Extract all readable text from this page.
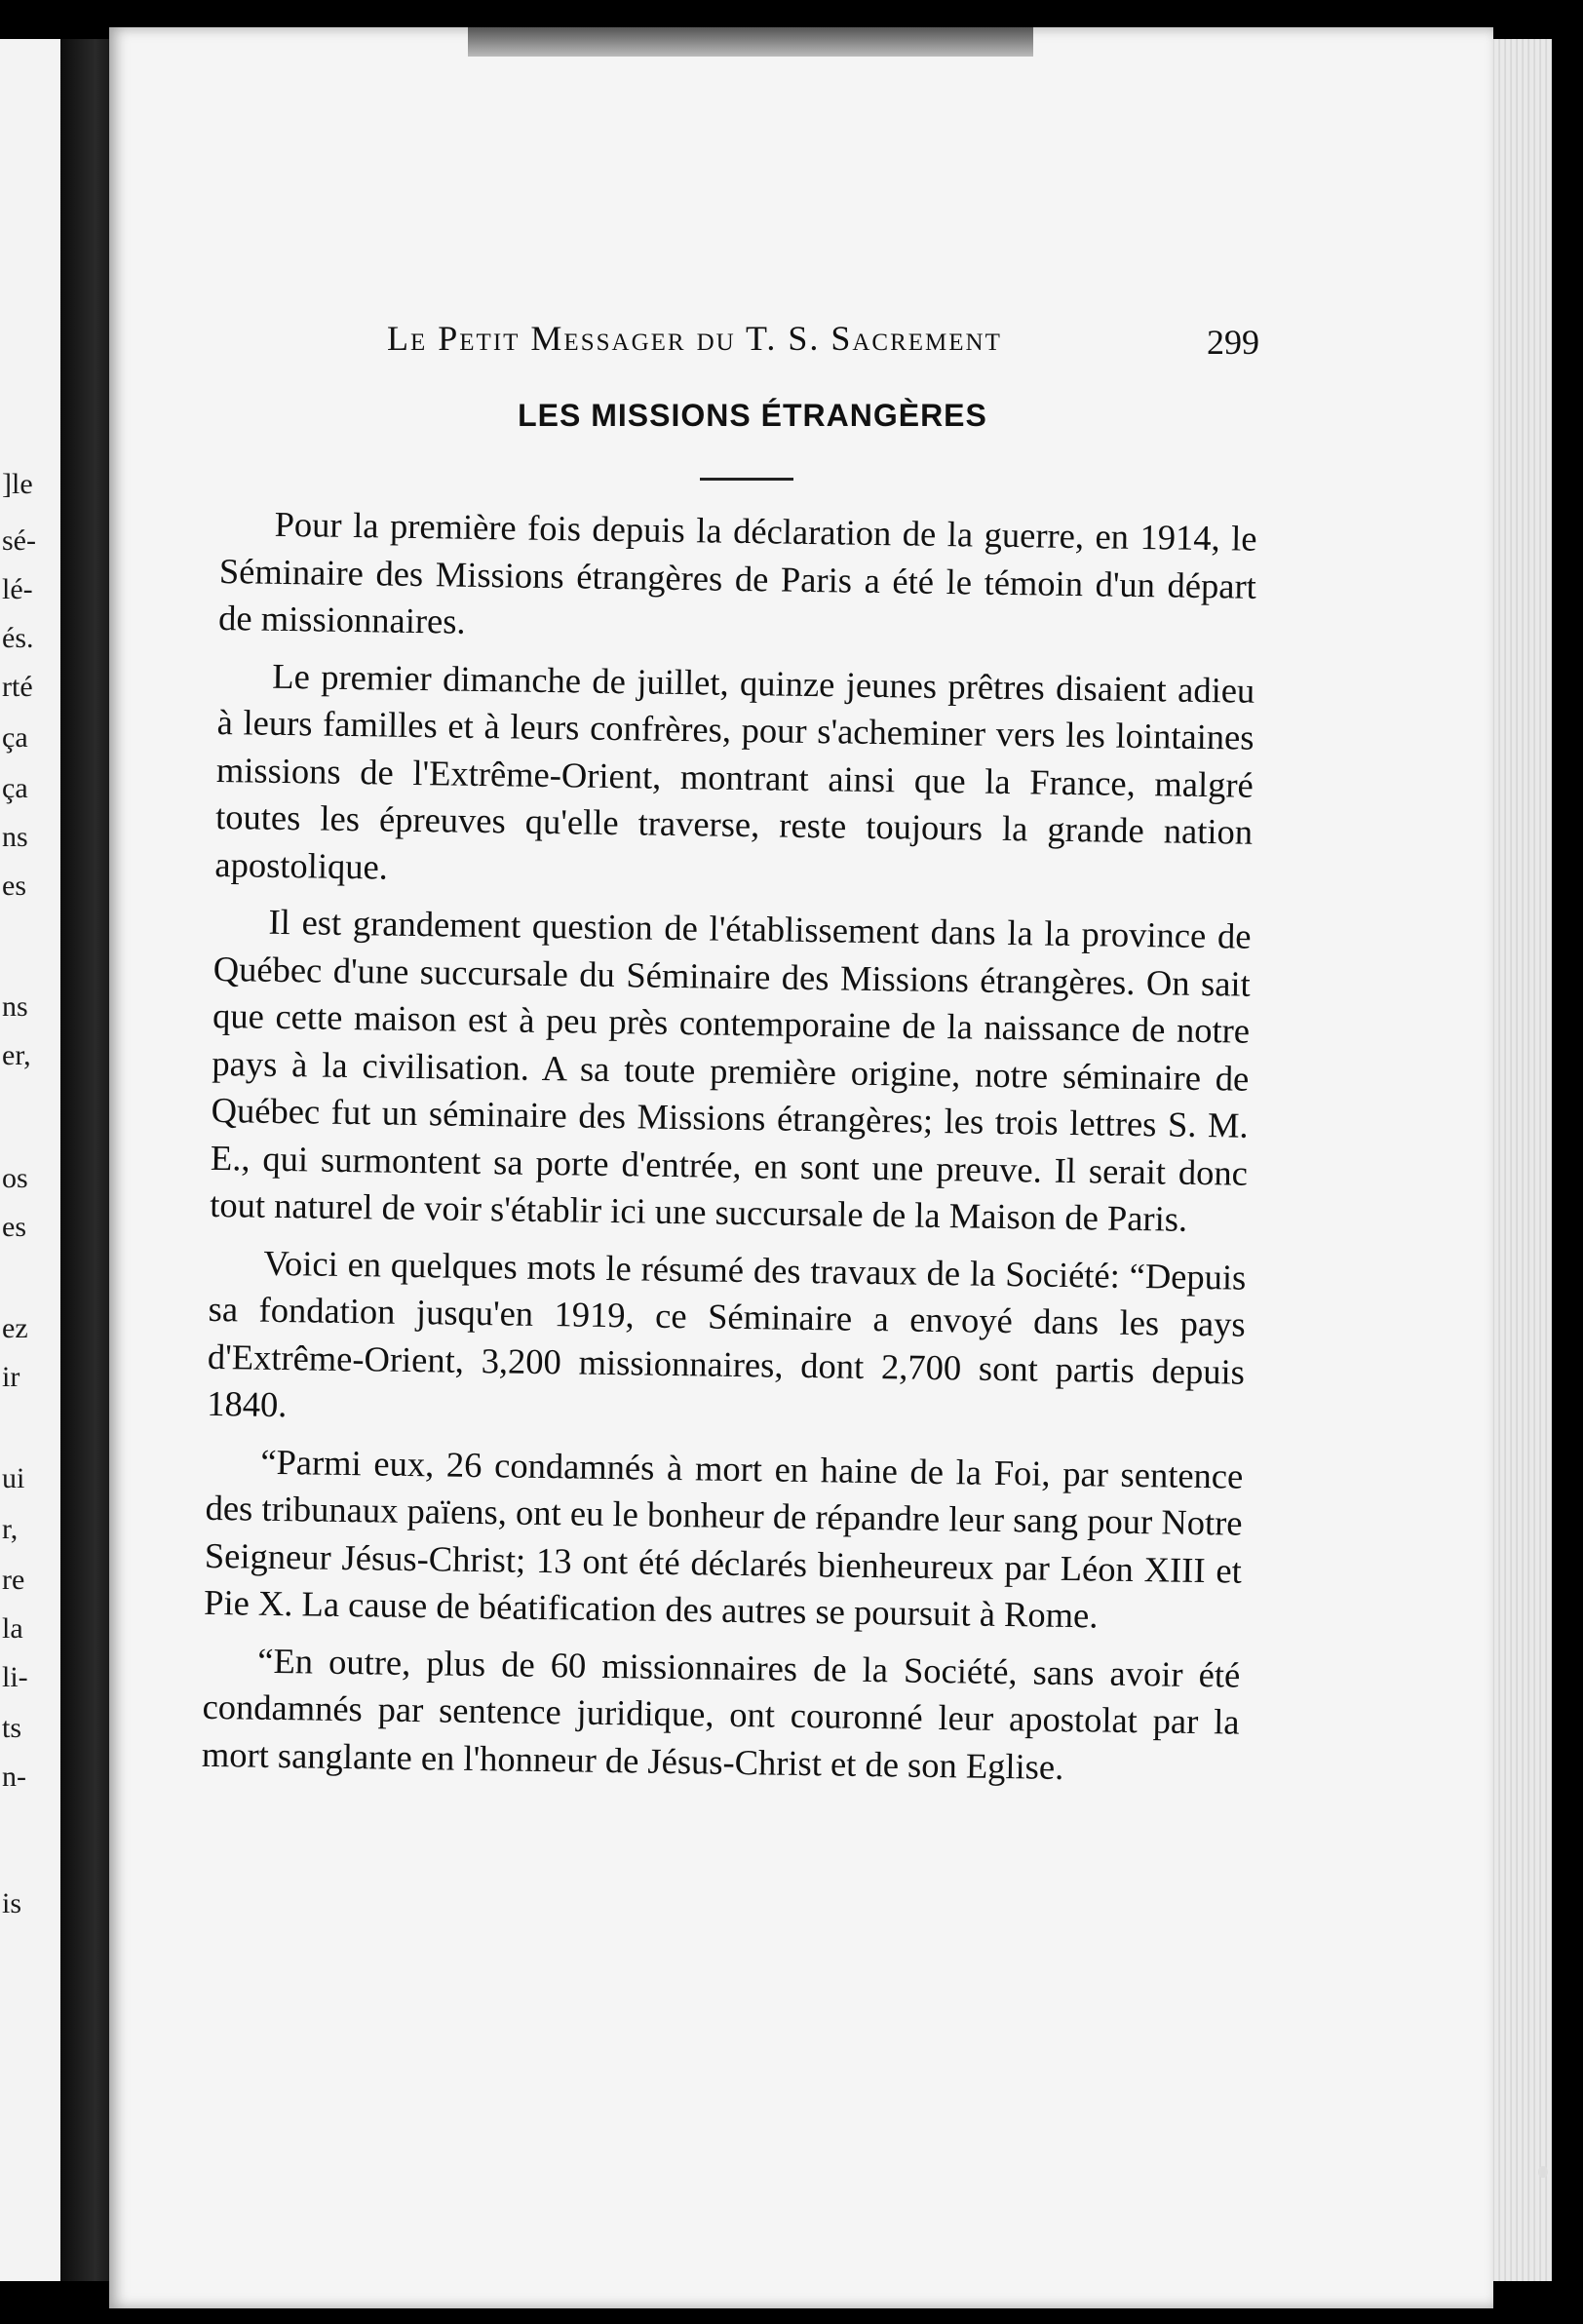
]le
sé-
lé-
és.
rté
ça
ça
ns
es
ns
er,
os
es
ez
ir
ui
r,
re
la
li-
ts
n-
is
Le Petit Messager du T. S. Sacrement	299
LES MISSIONS ÉTRANGÈRES

Pour la première fois depuis la déclaration de la guerre, en 1914, le Séminaire des Missions étrangères de Paris a été le témoin d'un départ de missionnaires.

Le premier dimanche de juillet, quinze jeunes prêtres disaient adieu à leurs familles et à leurs confrères, pour s'acheminer vers les lointaines missions de l'Extrême-Orient, montrant ainsi que la France, malgré toutes les épreuves qu'elle traverse, reste toujours la grande nation apostolique.

Il est grandement question de l'établissement dans la la province de Québec d'une succursale du Séminaire des Missions étrangères. On sait que cette maison est à peu près contemporaine de la naissance de notre pays à la civilisation. A sa toute première origine, notre séminaire de Québec fut un séminaire des Missions étrangères; les trois lettres S. M. E., qui surmontent sa porte d'entrée, en sont une preuve. Il serait donc tout naturel de voir s'établir ici une succursale de la Maison de Paris.

Voici en quelques mots le résumé des travaux de la Société: “Depuis sa fondation jusqu'en 1919, ce Séminaire a envoyé dans les pays d'Extrême-Orient, 3,200 missionnaires, dont 2,700 sont partis depuis 1840.

“Parmi eux, 26 condamnés à mort en haine de la Foi, par sentence des tribunaux païens, ont eu le bonheur de répandre leur sang pour Notre Seigneur Jésus-Christ; 13 ont été déclarés bienheureux par Léon XIII et Pie X. La cause de béatification des autres se poursuit à Rome.

“En outre, plus de 60 missionnaires de la Société, sans avoir été condamnés par sentence juridique, ont couronné leur apostolat par la mort sanglante en l'honneur de Jésus-Christ et de son Eglise.
